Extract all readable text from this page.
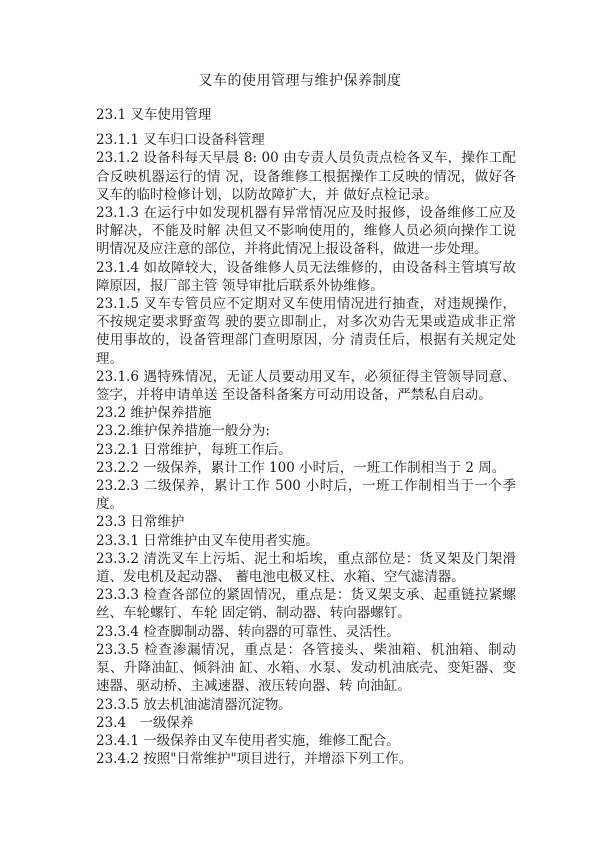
叉车的使用管理与维护保养制度

23.1 叉车使用管理

23.1.1 叉车归口设备科管理

23.1.2 设备科每天早晨 8: 00 由专责人员负责点检各叉车，操作工配合反映机器运行的情 况，设备维修工根据操作工反映的情况，做好各叉车的临时检修计划，以防故障扩大，并 做好点检记录。

23.1.3 在运行中如发现机器有异常情况应及时报修，设备维修工应及时解决，不能及时解 决但又不影响使用的，维修人员必须向操作工说明情况及应注意的部位，并将此情况上报设备科，做进一步处理。

23.1.4 如故障较大，设备维修人员无法维修的，由设备科主管填写故障原因，报厂部主管 领导审批后联系外协维修。

23.1.5 叉车专管员应不定期对叉车使用情况进行抽查，对违规操作，不按规定要求野蛮驾 驶的要立即制止，对多次劝告无果或造成非正常使用事故的，设备管理部门查明原因，分 清责任后，根据有关规定处理。

23.1.6 遇特殊情况，无证人员要动用叉车，必须征得主管领导同意、签字，并将申请单送 至设备科备案方可动用设备，严禁私自启动。

23.2 维护保养措施

23.2.维护保养措施一般分为:

23.2.1 日常维护，每班工作后。

23.2.2 一级保养，累计工作 100 小时后，一班工作制相当于 2 周。

23.2.3 二级保养，累计工作 500 小时后，一班工作制相当于一个季度。

23.3 日常维护

23.3.1 日常维护由叉车使用者实施。

23.3.2 清洗叉车上污垢、泥土和垢埃，重点部位是：货叉架及门架滑道、发电机及起动器、 蓄电池电极叉柱、水箱、空气滤清器。

23.3.3 检查各部位的紧固情况，重点是：货叉架支承、起重链拉紧螺丝、车轮螺钉、车轮 固定销、制动器、转向器螺钉。

23.3.4 检查脚制动器、转向器的可靠性、灵活性。

23.3.5 检查渗漏情况，重点是：各管接头、柴油箱、机油箱、制动泵、升降油缸、倾斜油 缸、水箱、水泵、发动机油底壳、变矩器、变速器、驱动桥、主减速器、液压转向器、转 向油缸。

23.3.5 放去机油滤清器沉淀物。

23.4　一级保养

23.4.1 一级保养由叉车使用者实施，维修工配合。

23.4.2 按照"日常维护"项目进行，并增添下列工作。
